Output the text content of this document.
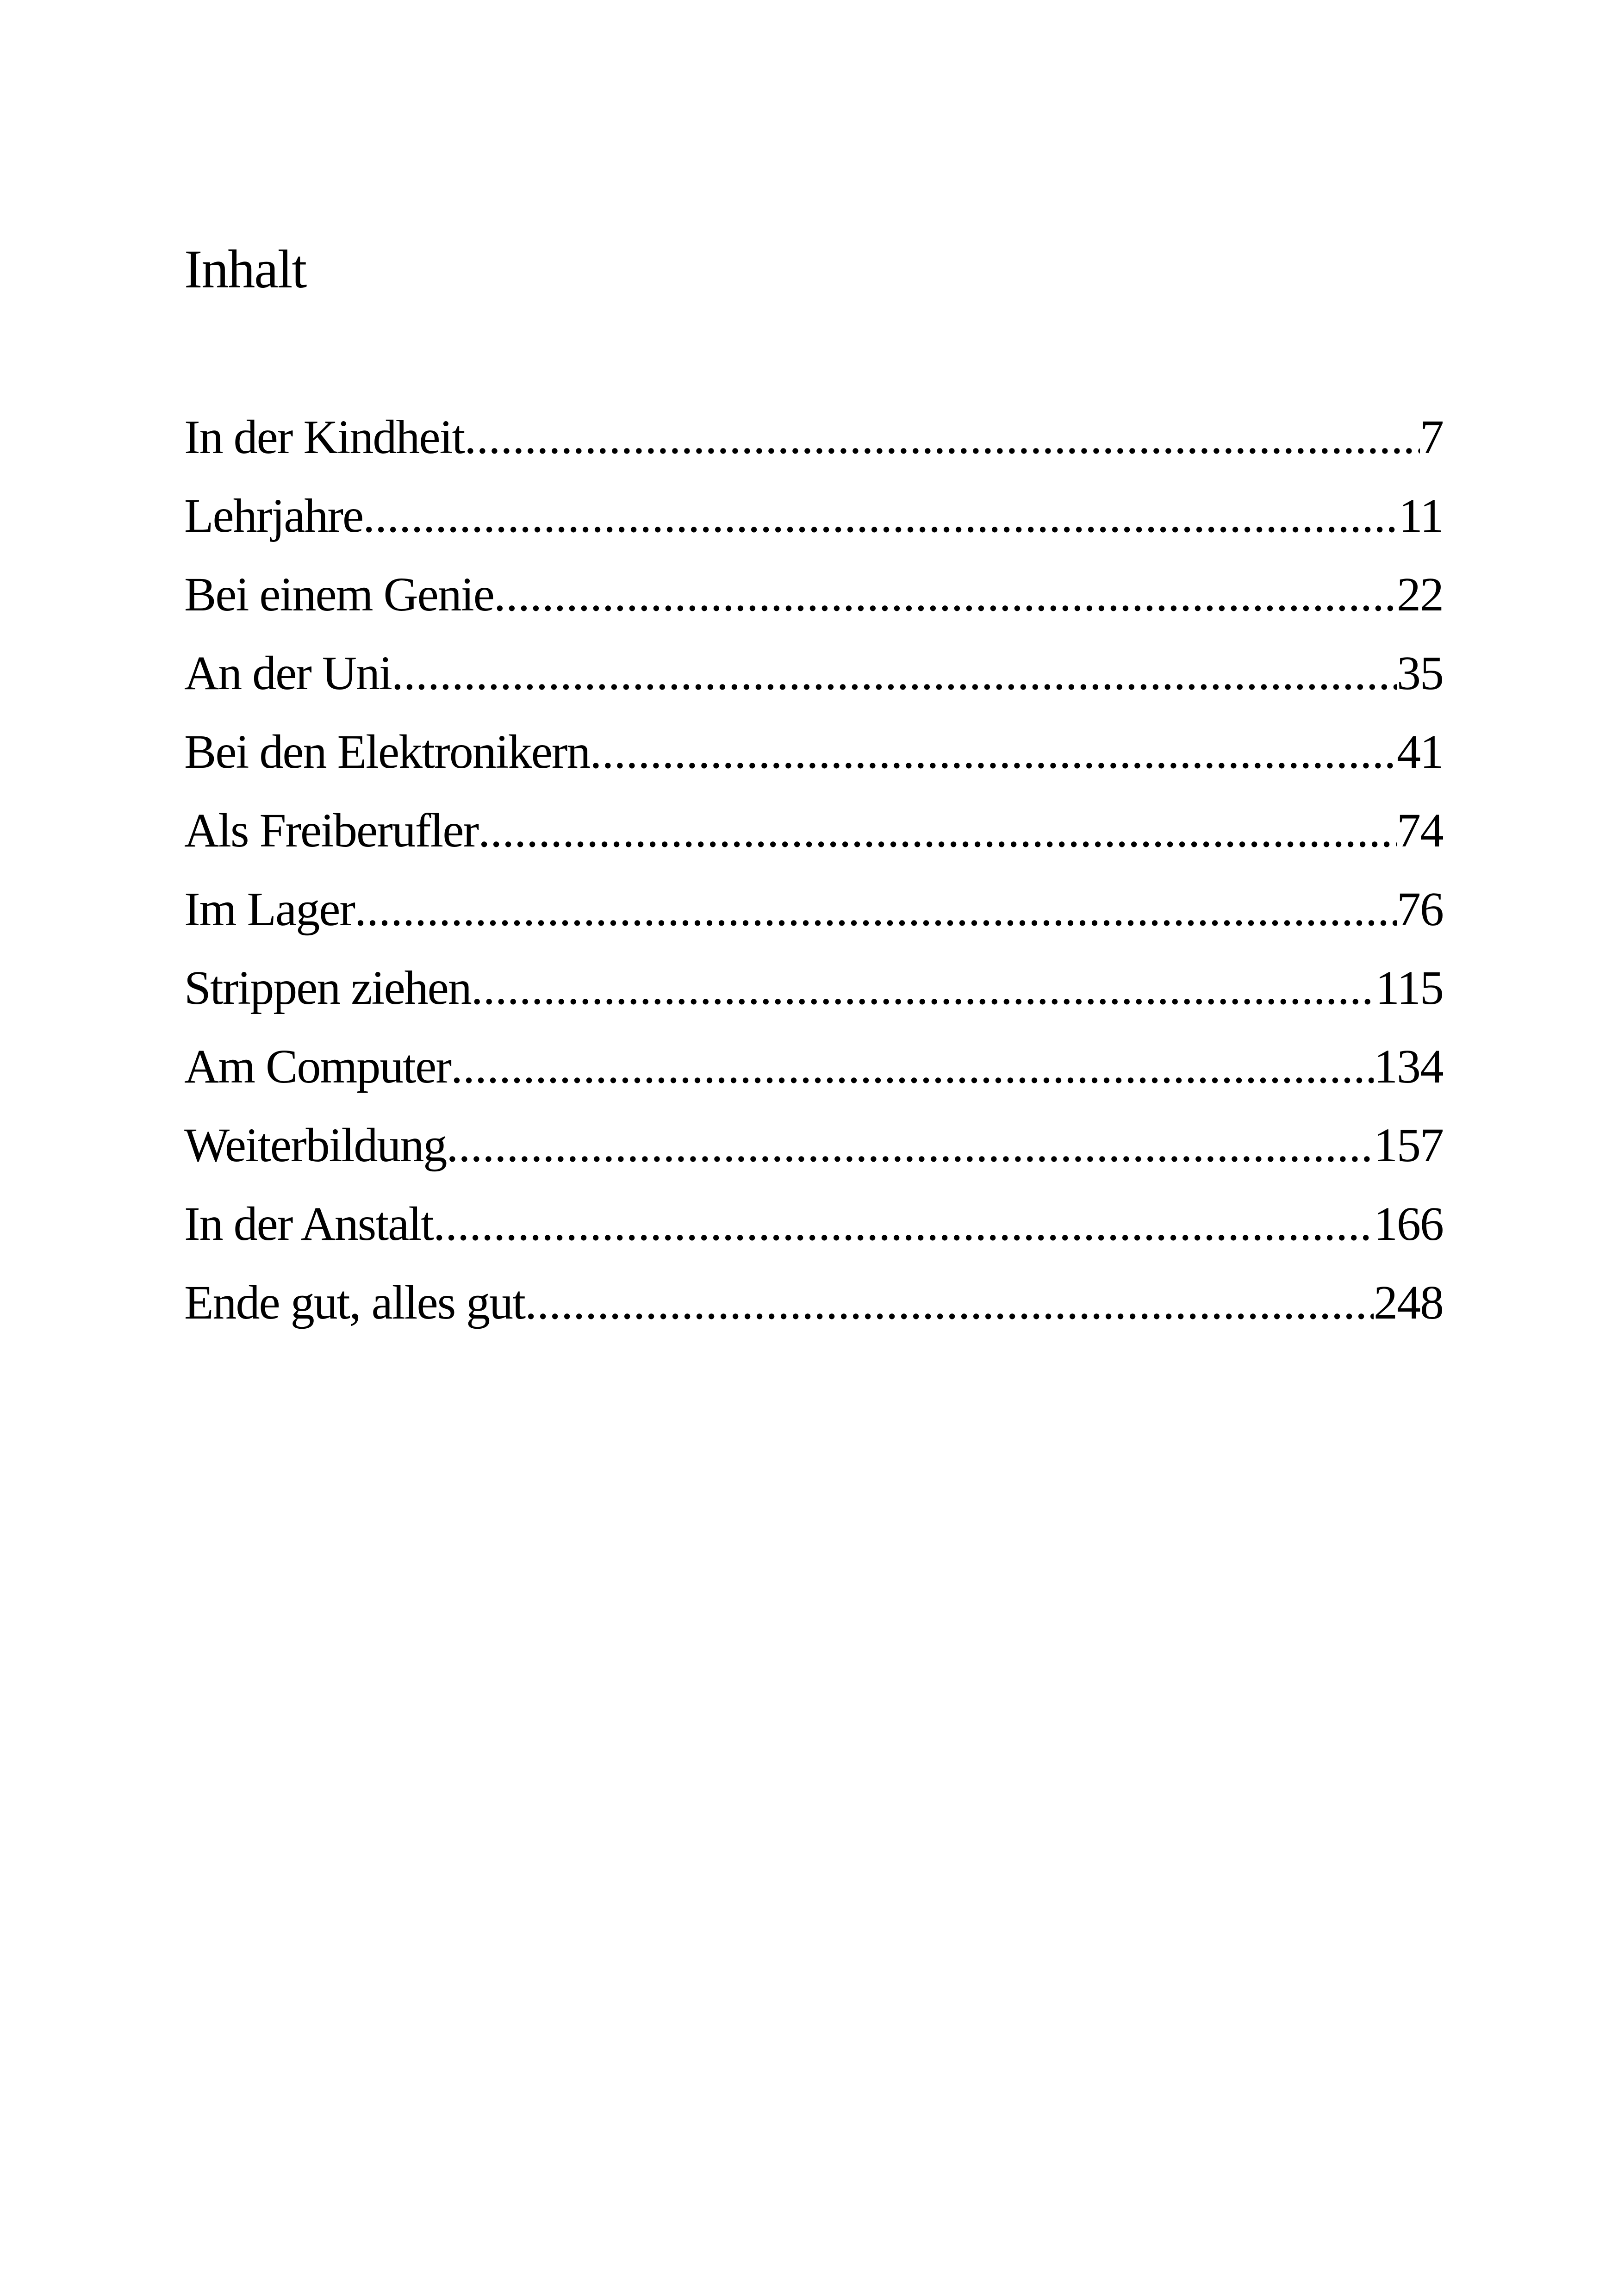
Inhalt
In der Kindheit .....	7
Lehrjahre .....	11
Bei einem Genie .....	22
An der Uni .....	35
Bei den Elektronikern .....	41
Als Freiberufler .....	74
Im Lager .....	76
Strippen ziehen .....	115
Am Computer .....	134
Weiterbildung .....	157
In der Anstalt .....	166
Ende gut, alles gut .....	248
